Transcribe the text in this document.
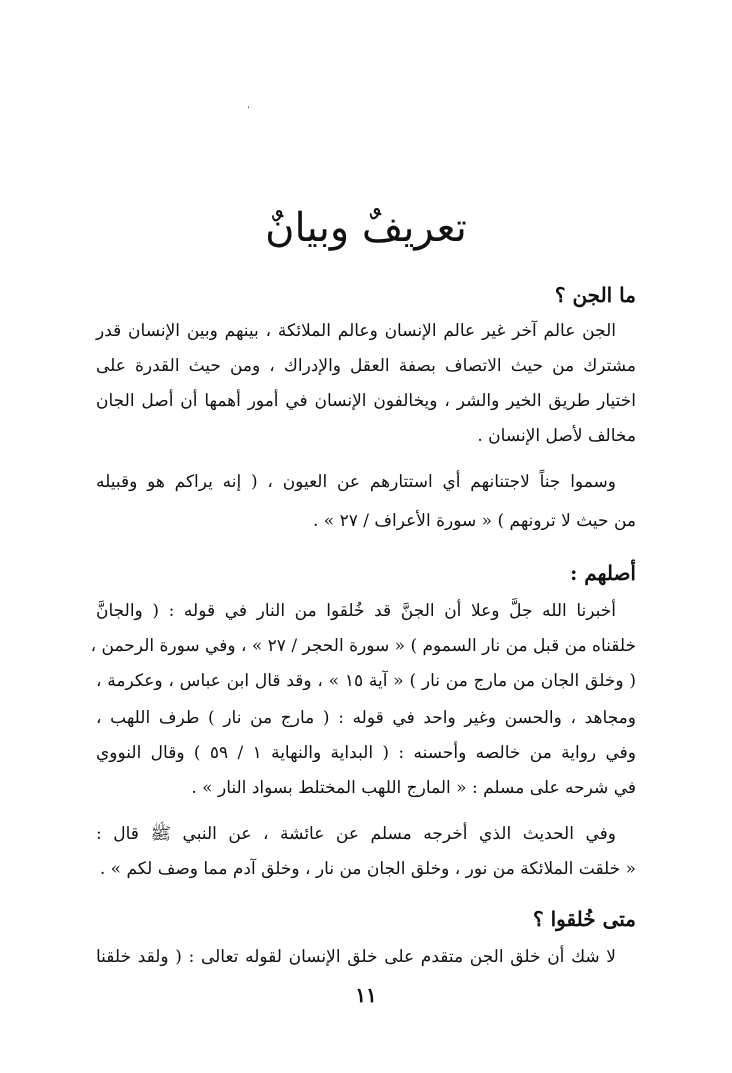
ˌ
تعريفٌ وبيانٌ
ما الجن ؟
الجن عالم آخر غير عالم الإنسان وعالم الملائكة ، بينهم وبين الإنسان قدر
مشترك من حيث الاتصاف بصفة العقل والإدراك ، ومن حيث القدرة على
اختيار طريق الخير والشر ، ويخالفون الإنسان في أمور أهمها أن أصل الجان
مخالف لأصل الإنسان .
وسموا جناً لاجتنانهم أي استتارهم عن العيون ، ( إنه يراكم هو وقبيله
من حيث لا ترونهم ) « سورة الأعراف / ٢٧ » .
أصلهم :
أخبرنا الله جلَّ وعلا أن الجنَّ قد خُلقوا من النار في قوله : ( والجانَّ
خلقناه من قبل من نار السموم ) « سورة الحجر / ٢٧ » ، وفي سورة الرحمن ،
( وخلق الجان من مارج من نار ) « آية ١٥ » ، وقد قال ابن عباس ، وعكرمة ،
ومجاهد ، والحسن وغير واحد في قوله : ( مارج من نار ) طرف اللهب ،
وفي رواية من خالصه وأحسنه : ( البداية والنهاية ١ / ٥٩ ) وقال النووي
في شرحه على مسلم : « المارج اللهب المختلط بسواد النار » .
وفي الحديث الذي أخرجه مسلم عن عائشة ، عن النبي ﷺ قال :
« خلقت الملائكة من نور ، وخلق الجان من نار ، وخلق آدم مما وصف لكم » .
متى خُلقوا ؟
لا شك أن خلق الجن متقدم على خلق الإنسان لقوله تعالى : ( ولقد خلقنا
١١
